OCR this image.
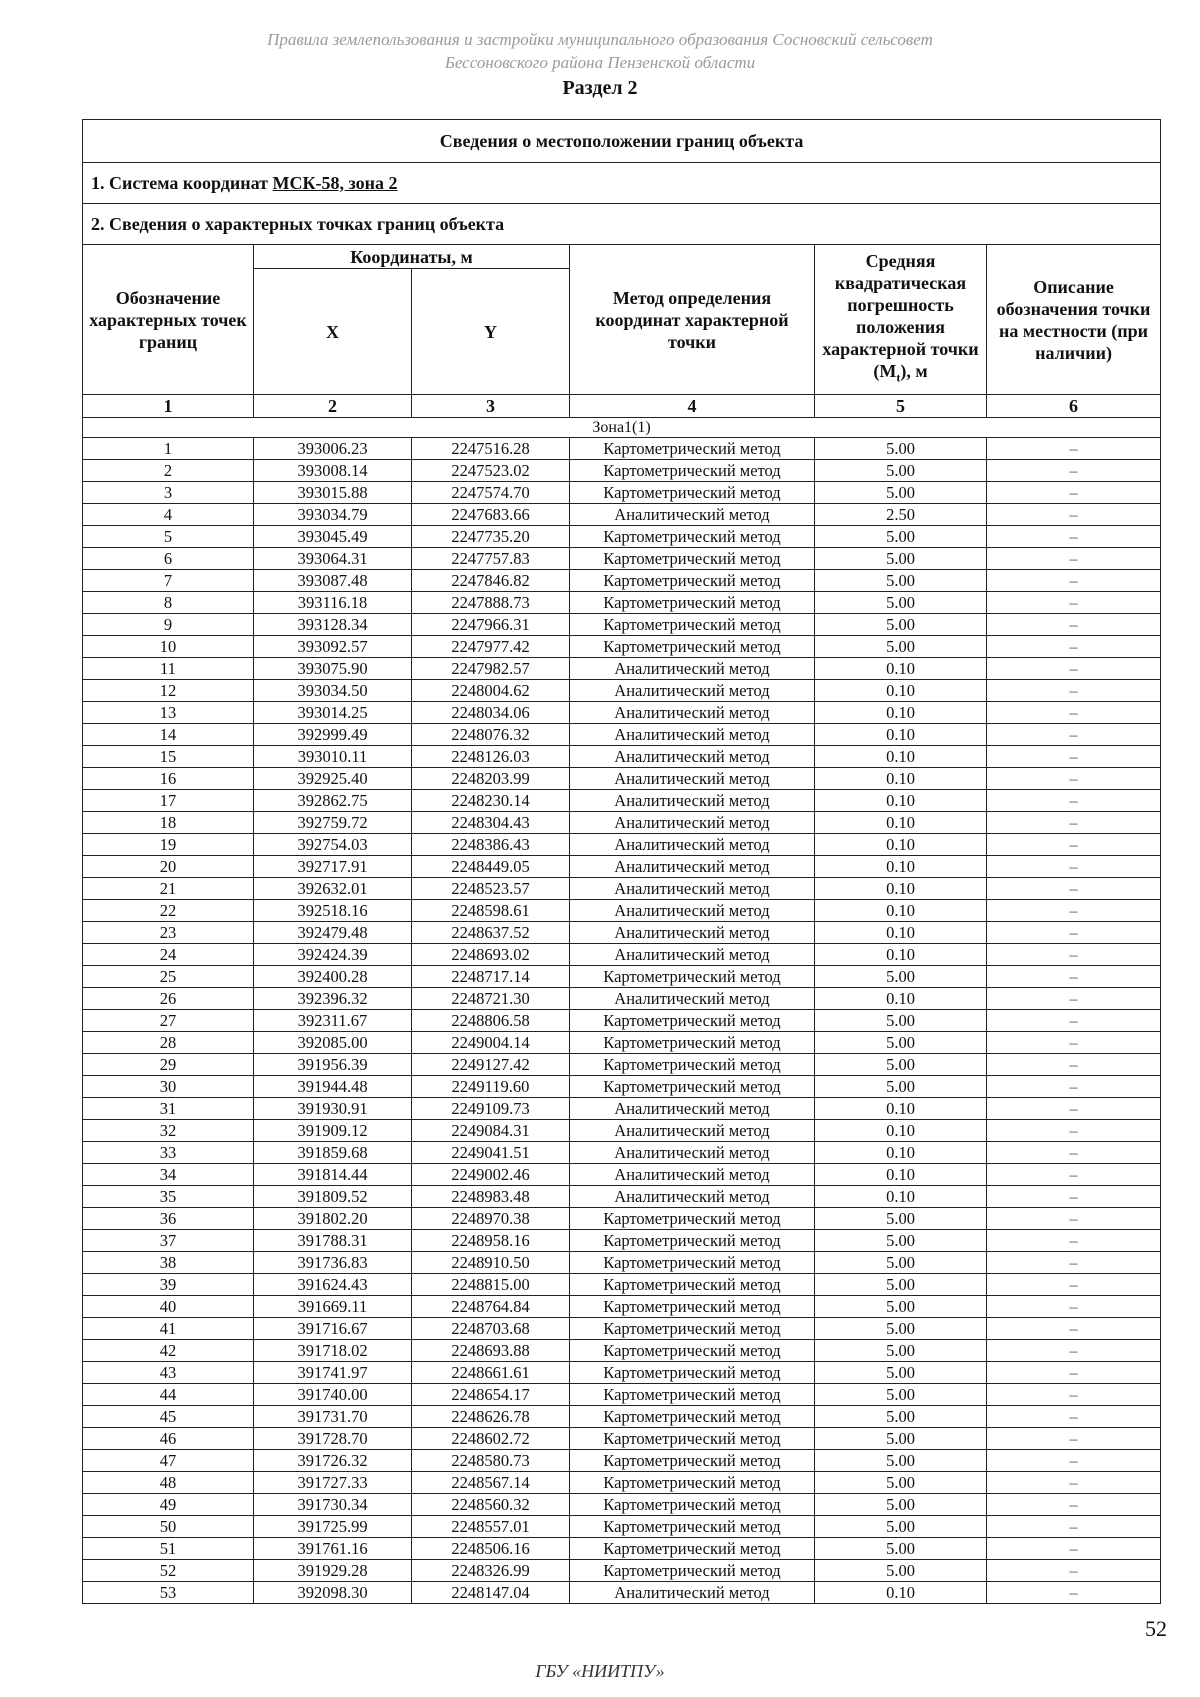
Правила землепользования и застройки муниципального образования Сосновский сельсовет
Бессоновского района Пензенской области
Раздел 2
Сведения о местоположении границ объекта					
1. Система координат МСК-58, зона 2					
2. Сведения о характерных точках границ объекта					
Обозначение характерных точек границ	Координаты, м		Метод определения координат характерной точки	Средняя квадратическая погрешность положения характерной точки $(M_t)$, м	Описание обозначения точки на местности (при наличии)
	X	Y			
1	2	3	4	5	6
Зона1(1)					
1	393006.23	2247516.28	Картометрический метод	5.00	–
2	393008.14	2247523.02	Картометрический метод	5.00	–
3	393015.88	2247574.70	Картометрический метод	5.00	–
4	393034.79	2247683.66	Аналитический метод	2.50	–
5	393045.49	2247735.20	Картометрический метод	5.00	–
6	393064.31	2247757.83	Картометрический метод	5.00	–
7	393087.48	2247846.82	Картометрический метод	5.00	–
8	393116.18	2247888.73	Картометрический метод	5.00	–
9	393128.34	2247966.31	Картометрический метод	5.00	–
10	393092.57	2247977.42	Картометрический метод	5.00	–
11	393075.90	2247982.57	Аналитический метод	0.10	–
12	393034.50	2248004.62	Аналитический метод	0.10	–
13	393014.25	2248034.06	Аналитический метод	0.10	–
14	392999.49	2248076.32	Аналитический метод	0.10	–
15	393010.11	2248126.03	Аналитический метод	0.10	–
16	392925.40	2248203.99	Аналитический метод	0.10	–
17	392862.75	2248230.14	Аналитический метод	0.10	–
18	392759.72	2248304.43	Аналитический метод	0.10	–
19	392754.03	2248386.43	Аналитический метод	0.10	–
20	392717.91	2248449.05	Аналитический метод	0.10	–
21	392632.01	2248523.57	Аналитический метод	0.10	–
22	392518.16	2248598.61	Аналитический метод	0.10	–
23	392479.48	2248637.52	Аналитический метод	0.10	–
24	392424.39	2248693.02	Аналитический метод	0.10	–
25	392400.28	2248717.14	Картометрический метод	5.00	–
26	392396.32	2248721.30	Аналитический метод	0.10	–
27	392311.67	2248806.58	Картометрический метод	5.00	–
28	392085.00	2249004.14	Картометрический метод	5.00	–
29	391956.39	2249127.42	Картометрический метод	5.00	–
30	391944.48	2249119.60	Картометрический метод	5.00	–
31	391930.91	2249109.73	Аналитический метод	0.10	–
32	391909.12	2249084.31	Аналитический метод	0.10	–
33	391859.68	2249041.51	Аналитический метод	0.10	–
34	391814.44	2249002.46	Аналитический метод	0.10	–
35	391809.52	2248983.48	Аналитический метод	0.10	–
36	391802.20	2248970.38	Картометрический метод	5.00	–
37	391788.31	2248958.16	Картометрический метод	5.00	–
38	391736.83	2248910.50	Картометрический метод	5.00	–
39	391624.43	2248815.00	Картометрический метод	5.00	–
40	391669.11	2248764.84	Картометрический метод	5.00	–
41	391716.67	2248703.68	Картометрический метод	5.00	–
42	391718.02	2248693.88	Картометрический метод	5.00	–
43	391741.97	2248661.61	Картометрический метод	5.00	–
44	391740.00	2248654.17	Картометрический метод	5.00	–
45	391731.70	2248626.78	Картометрический метод	5.00	–
46	391728.70	2248602.72	Картометрический метод	5.00	–
47	391726.32	2248580.73	Картометрический метод	5.00	–
48	391727.33	2248567.14	Картометрический метод	5.00	–
49	391730.34	2248560.32	Картометрический метод	5.00	–
50	391725.99	2248557.01	Картометрический метод	5.00	–
51	391761.16	2248506.16	Картометрический метод	5.00	–
52	391929.28	2248326.99	Картометрический метод	5.00	–
53	392098.30	2248147.04	Аналитический метод	0.10	–
52
ГБУ «НИИТПУ»
